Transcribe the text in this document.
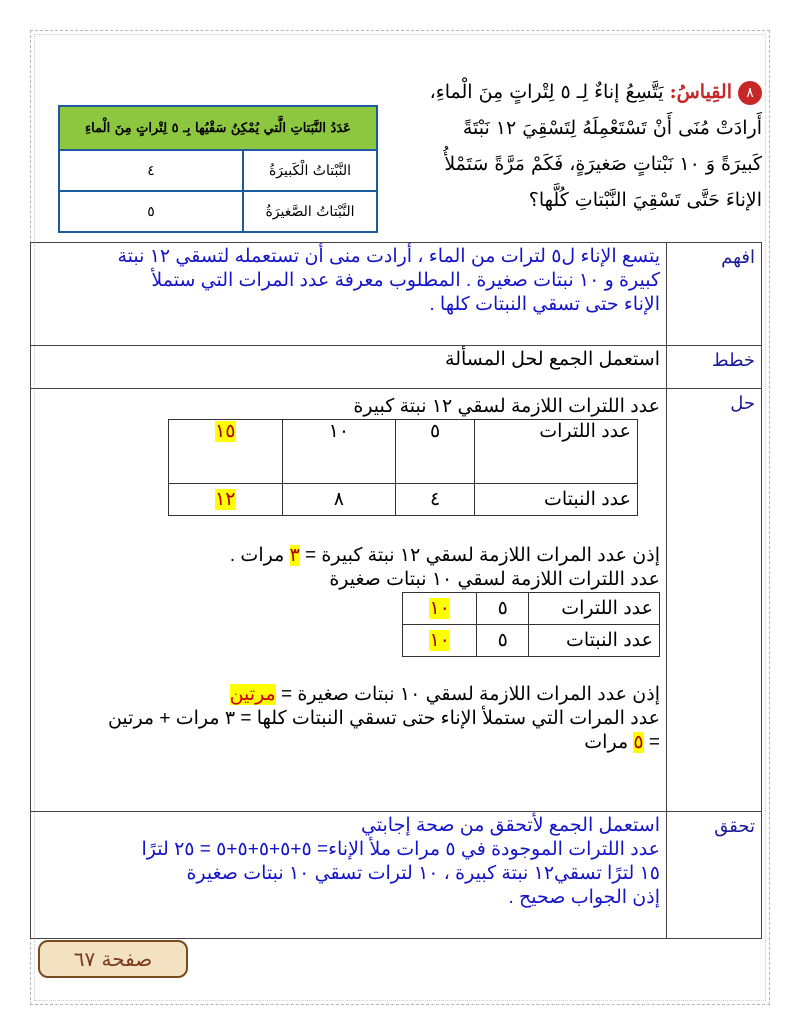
٨القِياسُ: يَتَّسِعُ إناءٌ لِـ ٥ لِتْراتٍ مِنَ الْماءِ،
أَرادَتْ مُنَى أَنْ تَسْتَعْمِلَهُ لِتَسْقِيَ ١٢ نَبْتَةً
كَبيرَةً وَ ١٠ نَبْتاتٍ صَغيرَةٍ، فَكَمْ مَرَّةً سَتَمْلأُ
الإناءَ حَتَّى تَسْقِيَ النَّبْتاتِ كُلَّها؟
عَدَدُ النَّبَتاتِ الَّتي يُمْكِنُ سَقْيُها بِـ ٥ لِتْراتٍ مِنَ الْماءِ	
النَّبْتاتُ الْكَبيرَةُ	٤
النَّبْتاتُ الصَّغيرَةُ	٥
افهم	
يتسع الإناء ل٥ لترات من الماء ، أرادت منى أن تستعمله لتسقي ١٢ نبتة
كبيرة و ١٠ نبتات صغيرة . المطلوب معرفة عدد المرات التي ستملأ
الإناء حتى تسقي النبتات كلها .

خطط	استعمل الجمع لحل المسألة
حل	
عدد اللترات اللازمة لسقي ١٢ نبتة كبيرة
عدد اللترات	٥	١٠	١٥
عدد النبتات	٤	٨	١٢
إذن عدد المرات اللازمة لسقي ١٢ نبتة كبيرة = ٣ مرات .
عدد اللترات اللازمة لسقي ١٠ نبتات صغيرة
عدد اللترات	٥	١٠
عدد النبتات	٥	١٠
إذن عدد المرات اللازمة لسقي ١٠ نبتات صغيرة = مرتين
عدد المرات التي ستملأ الإناء حتى تسقي النبتات كلها = ٣ مرات + مرتين
= ٥ مرات

تحقق	
استعمل الجمع لأتحقق من صحة إجابتي
عدد اللترات الموجودة في ٥ مرات ملأ الإناء= ٥+٥+٥+٥+٥ = ٢٥ لترًا
١٥ لترًا تسقي١٢ نبتة كبيرة ، ١٠ لترات تسقي ١٠ نبتات صغيرة
إذن الجواب صحيح .
صفحة ٦٧
